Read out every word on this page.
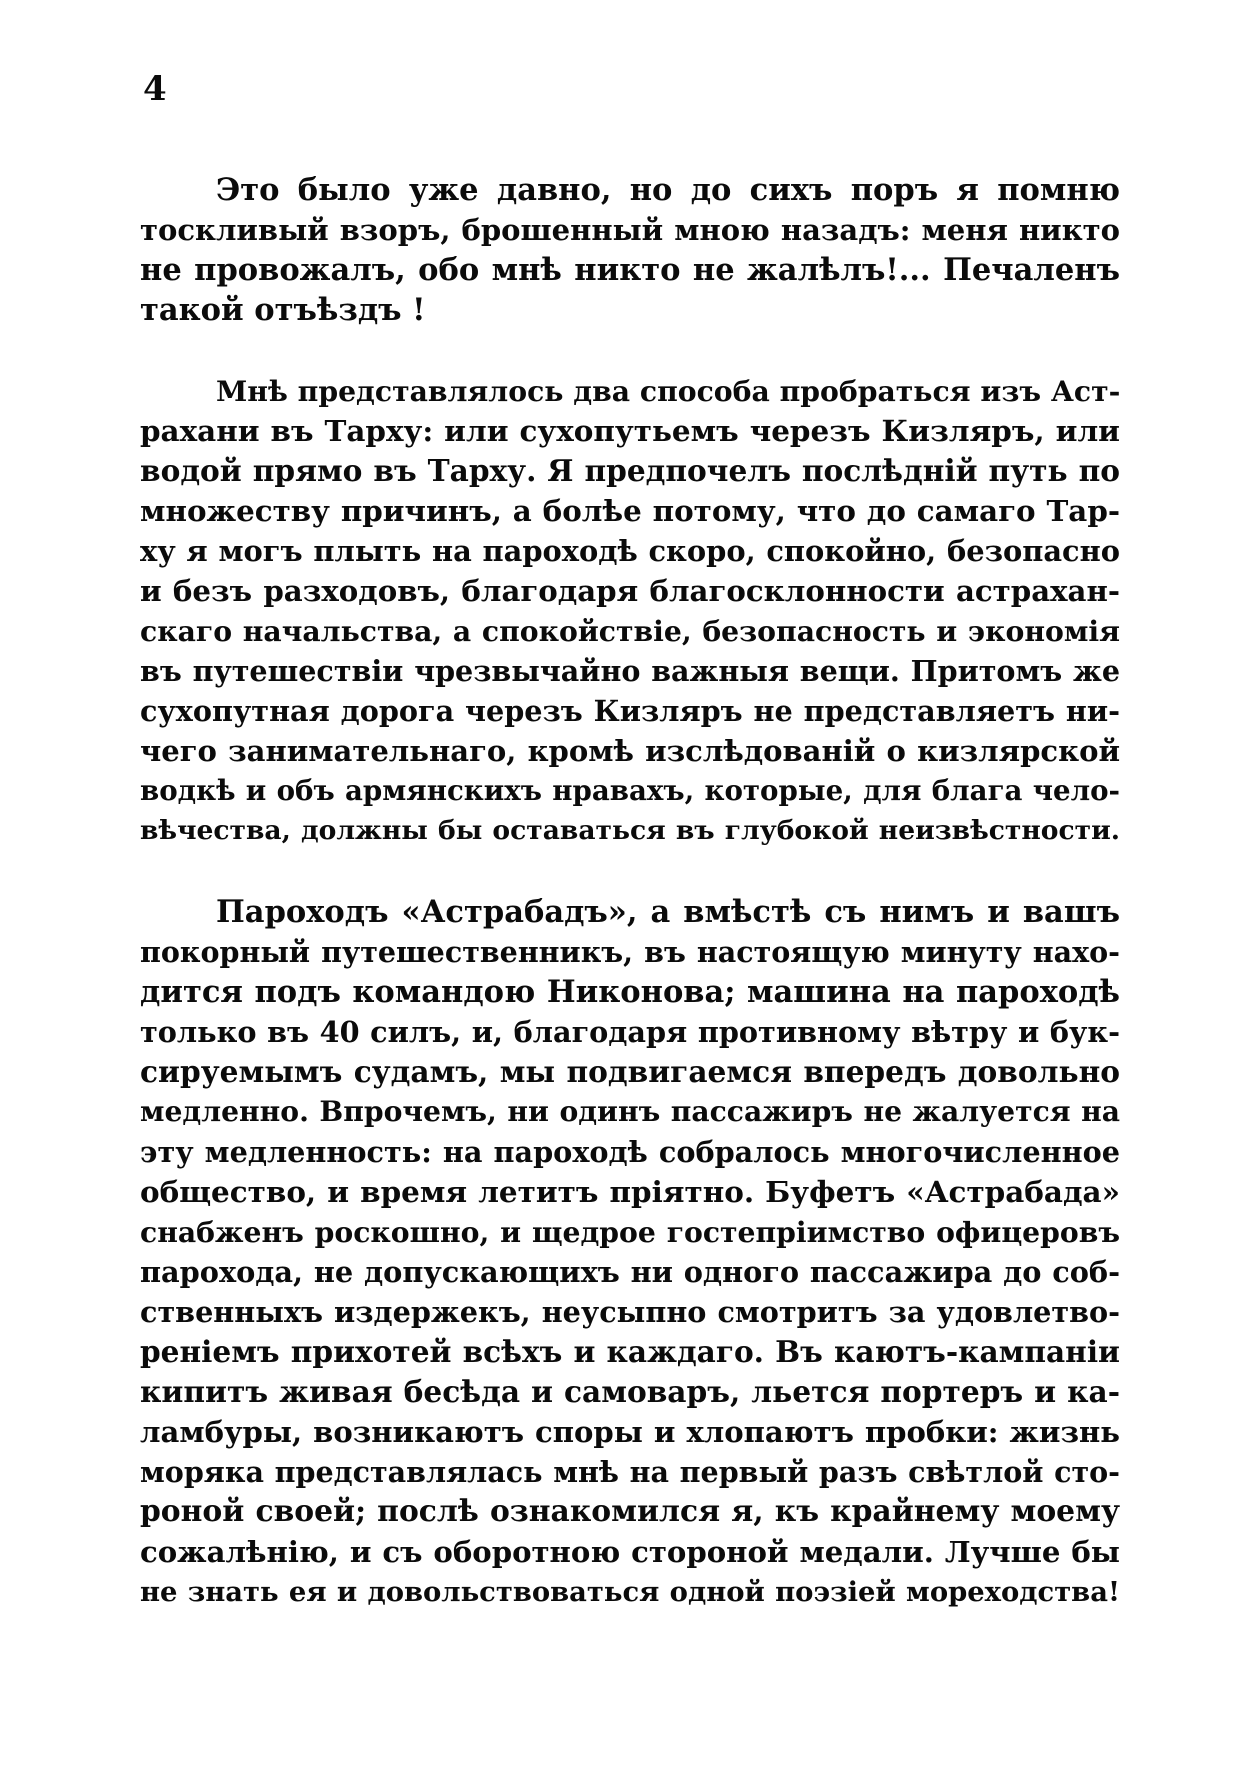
4

Это было уже давно, но до сихъ поръ я помню
тоскливый взоръ, брошенный мною назадъ: меня никто
не провожалъ, обо мнѣ никто не жалѣлъ!... Печаленъ
такой отъѣздъ !

Мнѣ представлялось два способа пробраться изъ Аст-
рахани въ Тарху: или сухопутьемъ черезъ Кизляръ, или
водой прямо въ Тарху. Я предпочелъ послѣдній путь по
множеству причинъ, а болѣе потому, что до самаго Тар-
ху я могъ плыть на пароходѣ скоро, спокойно, безопасно
и безъ разходовъ, благодаря благосклонности астрахан-
скаго начальства, а спокойствіе, безопасность и экономія
въ путешествіи чрезвычайно важныя вещи. Притомъ же
сухопутная дорога черезъ Кизляръ не представляетъ ни-
чего занимательнаго, кромѣ изслѣдованій о кизлярской
водкѣ и объ армянскихъ нравахъ, которые, для блага чело-
вѣчества, должны бы оставаться въ глубокой неизвѣстности.

Пароходъ «Астрабадъ», а вмѣстѣ съ нимъ и вашъ
покорный путешественникъ, въ настоящую минуту нахо-
дится подъ командою Никонова; машина на пароходѣ
только въ 40 силъ, и, благодаря противному вѣтру и бук-
сируемымъ судамъ, мы подвигаемся впередъ довольно
медленно. Впрочемъ, ни одинъ пассажиръ не жалуется на
эту медленность: на пароходѣ собралось многочисленное
общество, и время летитъ пріятно. Буфетъ «Астрабада»
снабженъ роскошно, и щедрое гостепріимство офицеровъ
парохода, не допускающихъ ни одного пассажира до соб-
ственныхъ издержекъ, неусыпно смотритъ за удовлетво-
реніемъ прихотей всѣхъ и каждаго. Въ каютъ-кампаніи
кипитъ живая бесѣда и самоваръ, льется портеръ и ка-
ламбуры, возникаютъ споры и хлопаютъ пробки: жизнь
моряка представлялась мнѣ на первый разъ свѣтлой сто-
роной своей; послѣ ознакомился я, къ крайнему моему
сожалѣнію, и съ оборотною стороной медали. Лучше бы
не знать ея и довольствоваться одной поэзіей мореходства!
